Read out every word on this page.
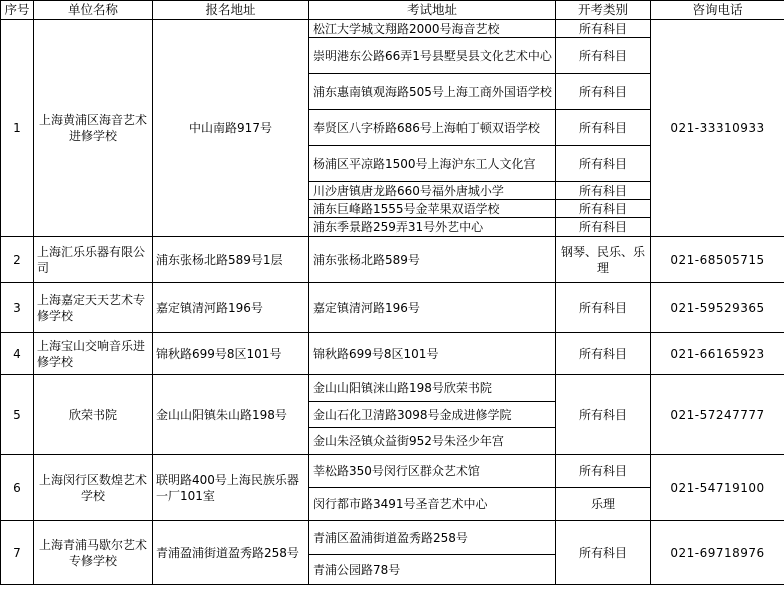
序号	单位名称	报名地址	考试地址	开考类别	咨询电话
1	上海黄浦区海音艺术进修学校	中山南路917号	松江大学城文翔路2000号海音艺校	所有科目	021-33310933
			崇明港东公路66弄1号县墅昊县文化艺术中心	所有科目	
			浦东惠南镇观海路505号上海工商外国语学校	所有科目	
			奉贤区八字桥路686号上海帕丁顿双语学校	所有科目	
			杨浦区平凉路1500号上海沪东工人文化宫	所有科目	
			川沙唐镇唐龙路660号福外唐城小学	所有科目	
			浦东巨峰路1555号金苹果双语学校	所有科目	
			浦东季景路259弄31号外艺中心	所有科目	
2	上海汇乐乐器有限公司	浦东张杨北路589号1层	浦东张杨北路589号	钢琴、民乐、乐理	021-68505715
3	上海嘉定天天艺术专修学校	嘉定镇清河路196号	嘉定镇清河路196号	所有科目	021-59529365
4	上海宝山交响音乐进修学校	锦秋路699号8区101号	锦秋路699号8区101号	所有科目	021-66165923
5	欣荣书院	金山山阳镇朱山路198号	金山山阳镇涞山路198号欣荣书院	所有科目	021-57247777
			金山石化卫清路3098号金成进修学院		
			金山朱泾镇众益街952号朱泾少年宫		
6	上海闵行区数煌艺术学校	联明路400号上海民族乐器一厂101室	莘松路350号闵行区群众艺术馆	所有科目	021-54719100
			闵行都市路3491号圣音艺术中心	乐理	
7	上海青浦马歇尔艺术专修学校	青浦盈浦街道盈秀路258号	青浦区盈浦街道盈秀路258号	所有科目	021-69718976
			青浦公园路78号		
